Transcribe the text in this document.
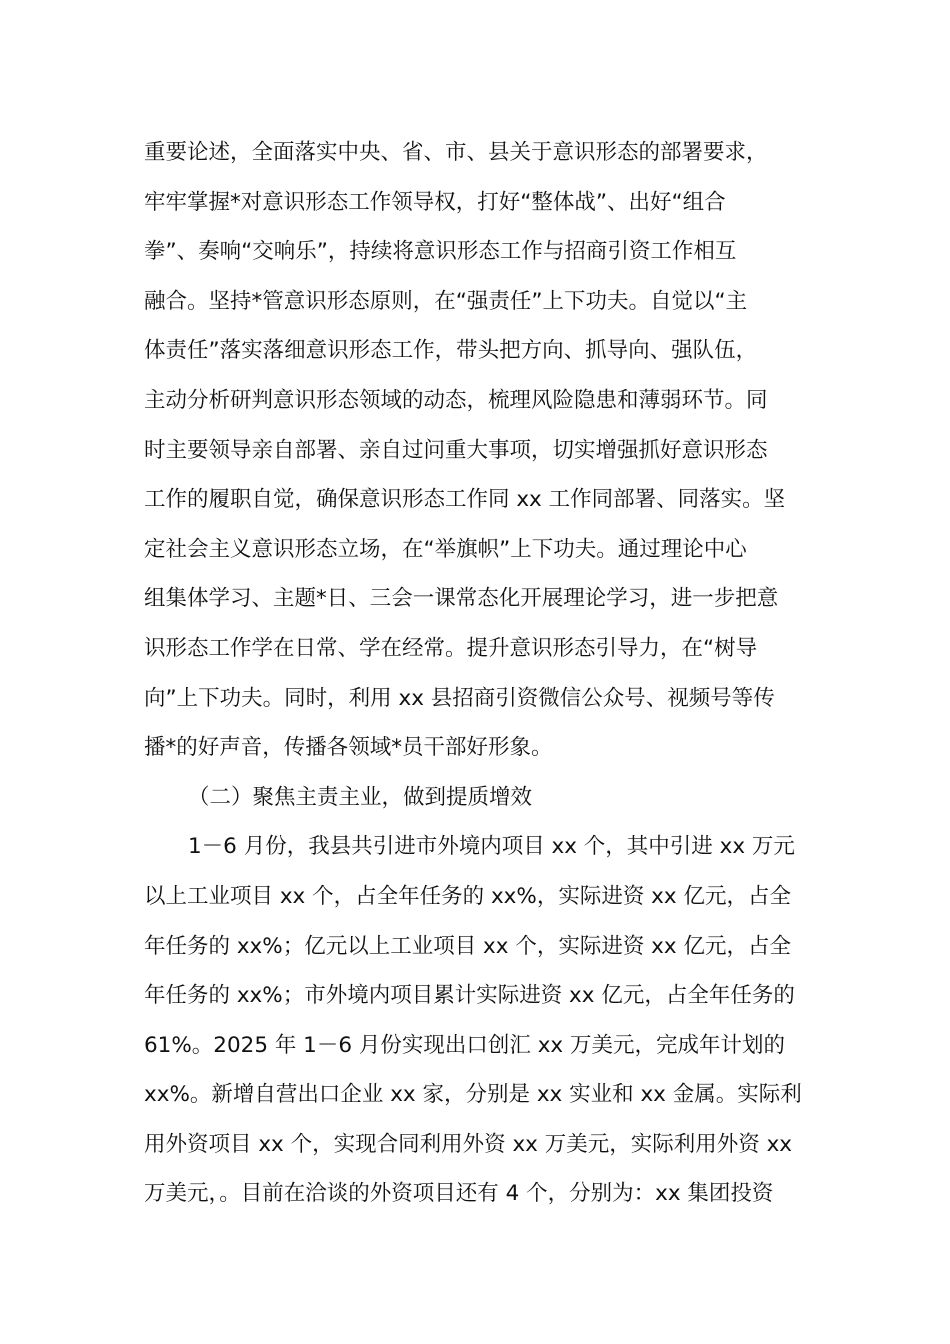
重要论述，全面落实中央、省、市、县关于意识形态的部署要求，
牢牢掌握*对意识形态工作领导权，打好“整体战”、出好“组合
拳”、奏响“交响乐”，持续将意识形态工作与招商引资工作相互
融合。坚持*管意识形态原则，在“强责任”上下功夫。自觉以“主
体责任”落实落细意识形态工作，带头把方向、抓导向、强队伍，
主动分析研判意识形态领域的动态，梳理风险隐患和薄弱环节。同
时主要领导亲自部署、亲自过问重大事项，切实增强抓好意识形态
工作的履职自觉，确保意识形态工作同 xx 工作同部署、同落实。坚
定社会主义意识形态立场，在“举旗帜”上下功夫。通过理论中心
组集体学习、主题*日、三会一课常态化开展理论学习，进一步把意
识形态工作学在日常、学在经常。提升意识形态引导力，在“树导
向”上下功夫。同时，利用 xx 县招商引资微信公众号、视频号等传
播*的好声音，传播各领域*员干部好形象。
（二）聚焦主责主业，做到提质增效
1－6 月份，我县共引进市外境内项目 xx 个，其中引进 xx 万元
以上工业项目 xx 个，占全年任务的 xx%，实际进资 xx 亿元，占全
年任务的 xx%；亿元以上工业项目 xx 个，实际进资 xx 亿元，占全
年任务的 xx%；市外境内项目累计实际进资 xx 亿元，占全年任务的
61%。2025 年 1－6 月份实现出口创汇 xx 万美元，完成年计划的
xx%。新增自营出口企业 xx 家，分别是 xx 实业和 xx 金属。实际利
用外资项目 xx 个，实现合同利用外资 xx 万美元，实际利用外资 xx
万美元，。目前在洽谈的外资项目还有 4 个，分别为：xx 集团投资
